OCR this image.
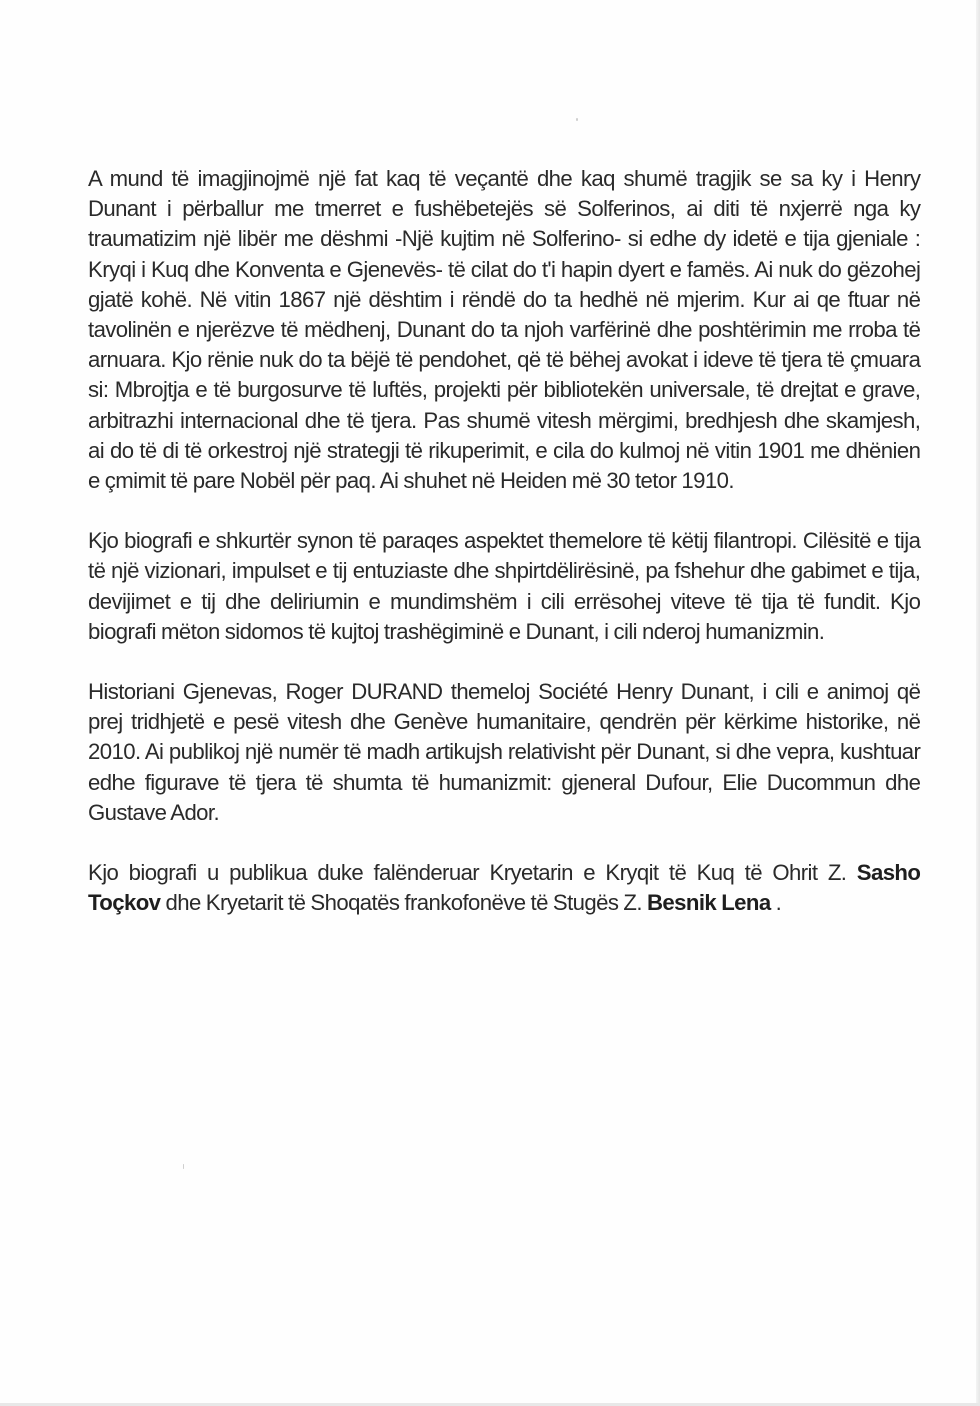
A mund të imagjinojmë një fat kaq të veçantë dhe kaq shumë tragjik se sa ky i Henry Dunant i përballur me tmerret e fushëbetejës së Solferinos, ai diti të nxjerrë nga ky traumatizim një libër me dëshmi -Një kujtim në Solferino- si edhe dy idetë e tija gjeniale : Kryqi i Kuq dhe Konventa e Gjenevës- të cilat do t'i hapin dyert e famës. Ai nuk do gëzohej gjatë kohë. Në vitin 1867 një dështim i rëndë do ta hedhë në mjerim. Kur ai qe ftuar në tavolinën e njerëzve të mëdhenj, Dunant do ta njoh varfërinë dhe poshtërimin me rroba të arnuara. Kjo rënie nuk do ta bëjë të pendohet, që të bëhej avokat i ideve të tjera të çmuara si: Mbrojtja e të burgosurve të luftës, projekti për bibliotekën universale, të drejtat e grave, arbitrazhi internacional dhe të tjera. Pas shumë vitesh mërgimi, bredhjesh dhe skamjesh, ai do të di të orkestroj një strategji të rikuperimit, e cila do kulmoj në vitin 1901 me dhënien e çmimit të pare Nobël për paq. Ai shuhet në Heiden më 30 tetor 1910.

Kjo biografi e shkurtër synon të paraqes aspektet themelore të këtij filantropi. Cilësitë e tija të një vizionari, impulset e tij entuziaste dhe shpirtdëlirësinë, pa fshehur dhe gabimet e tija, devijimet e tij dhe deliriumin e mundimshëm i cili errësohej viteve të tija të fundit. Kjo biografi mëton sidomos të kujtoj trashëgiminë e Dunant, i cili nderoj humanizmin.

Historiani Gjenevas, Roger DURAND themeloj Société Henry Dunant, i cili e animoj që prej tridhjetë e pesë vitesh dhe Genève humanitaire, qendrën për kërkime historike, në 2010. Ai publikoj një numër të madh artikujsh relativisht për Dunant, si dhe vepra, kushtuar edhe figurave të tjera të shumta të humanizmit: gjeneral Dufour, Elie Ducommun dhe Gustave Ador.

Kjo biografi u publikua duke falënderuar Kryetarin e Kryqit të Kuq të Ohrit Z. Sasho Toçkov dhe Kryetarit të Shoqatës frankofonëve të Stugës Z. Besnik Lena .
